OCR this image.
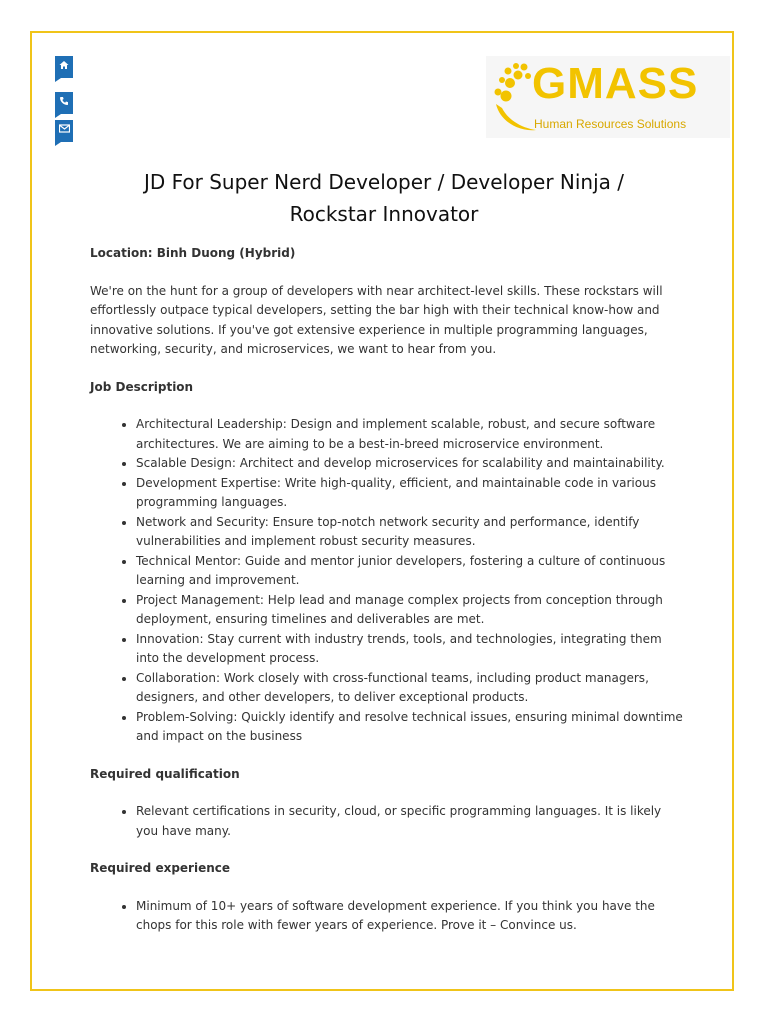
GMASS
Human Resources Solutions
JD For Super Nerd Developer / Developer Ninja /
Rockstar Innovator

Location: Binh Duong (Hybrid)

We're on the hunt for a group of developers with near architect-level skills. These rockstars will effortlessly outpace typical developers, setting the bar high with their technical know-how and innovative solutions. If you've got extensive experience in multiple programming languages, networking, security, and microservices, we want to hear from you.

Job Description

• Architectural Leadership: Design and implement scalable, robust, and secure software architectures. We are aiming to be a best-in-breed microservice environment.
• Scalable Design: Architect and develop microservices for scalability and maintainability.
• Development Expertise: Write high-quality, efficient, and maintainable code in various programming languages.
• Network and Security: Ensure top-notch network security and performance, identify vulnerabilities and implement robust security measures.
• Technical Mentor: Guide and mentor junior developers, fostering a culture of continuous learning and improvement.
• Project Management: Help lead and manage complex projects from conception through deployment, ensuring timelines and deliverables are met.
• Innovation: Stay current with industry trends, tools, and technologies, integrating them into the development process.
• Collaboration: Work closely with cross-functional teams, including product managers, designers, and other developers, to deliver exceptional products.
• Problem-Solving: Quickly identify and resolve technical issues, ensuring minimal downtime and impact on the business

Required qualification

• Relevant certifications in security, cloud, or specific programming languages. It is likely you have many.

Required experience

• Minimum of 10+ years of software development experience. If you think you have the chops for this role with fewer years of experience. Prove it – Convince us.
